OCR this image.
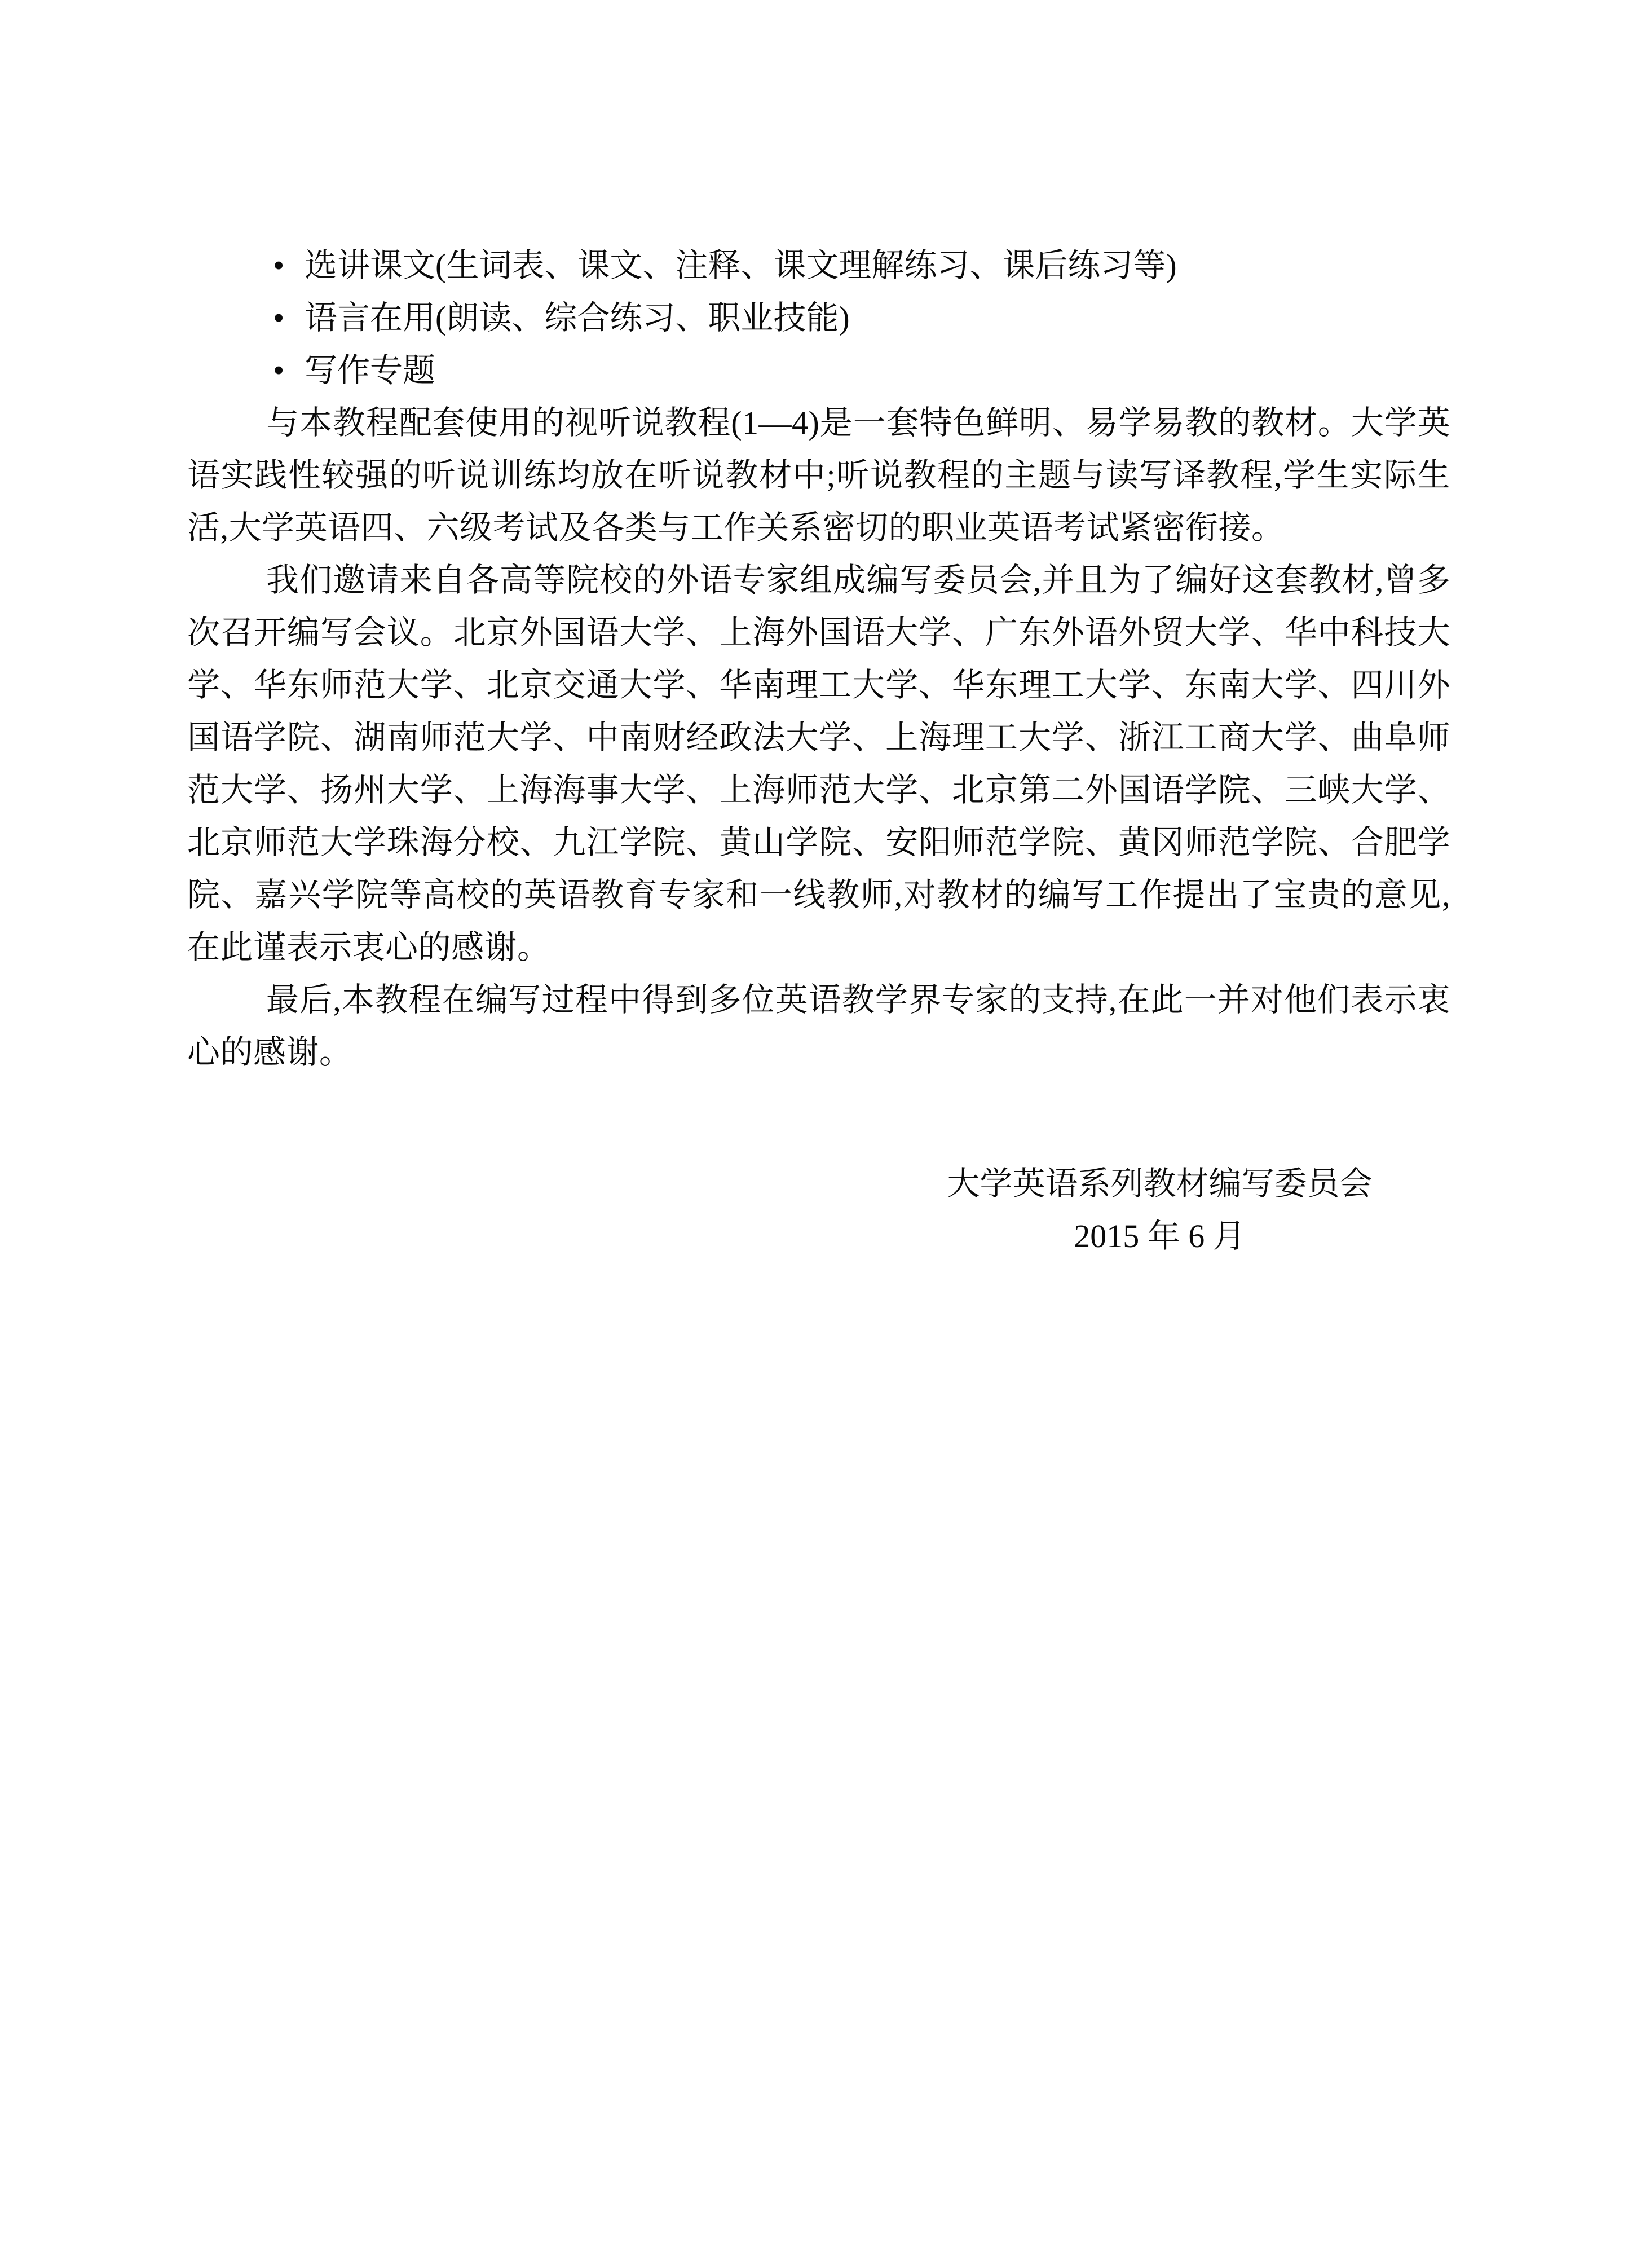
• 选讲课文(生词表、课文、注释、课文理解练习、课后练习等)
• 语言在用(朗读、综合练习、职业技能)
• 写作专题

与本教程配套使用的视听说教程(1—4)是一套特色鲜明、易学易教的教材。大学英语实践性较强的听说训练均放在听说教材中;听说教程的主题与读写译教程,学生实际生活,大学英语四、六级考试及各类与工作关系密切的职业英语考试紧密衔接。

我们邀请来自各高等院校的外语专家组成编写委员会,并且为了编好这套教材,曾多次召开编写会议。北京外国语大学、上海外国语大学、广东外语外贸大学、华中科技大学、华东师范大学、北京交通大学、华南理工大学、华东理工大学、东南大学、四川外国语学院、湖南师范大学、中南财经政法大学、上海理工大学、浙江工商大学、曲阜师范大学、扬州大学、上海海事大学、上海师范大学、北京第二外国语学院、三峡大学、北京师范大学珠海分校、九江学院、黄山学院、安阳师范学院、黄冈师范学院、合肥学院、嘉兴学院等高校的英语教育专家和一线教师,对教材的编写工作提出了宝贵的意见,在此谨表示衷心的感谢。

最后,本教程在编写过程中得到多位英语教学界专家的支持,在此一并对他们表示衷心的感谢。

大学英语系列教材编写委员会
2015 年 6 月
